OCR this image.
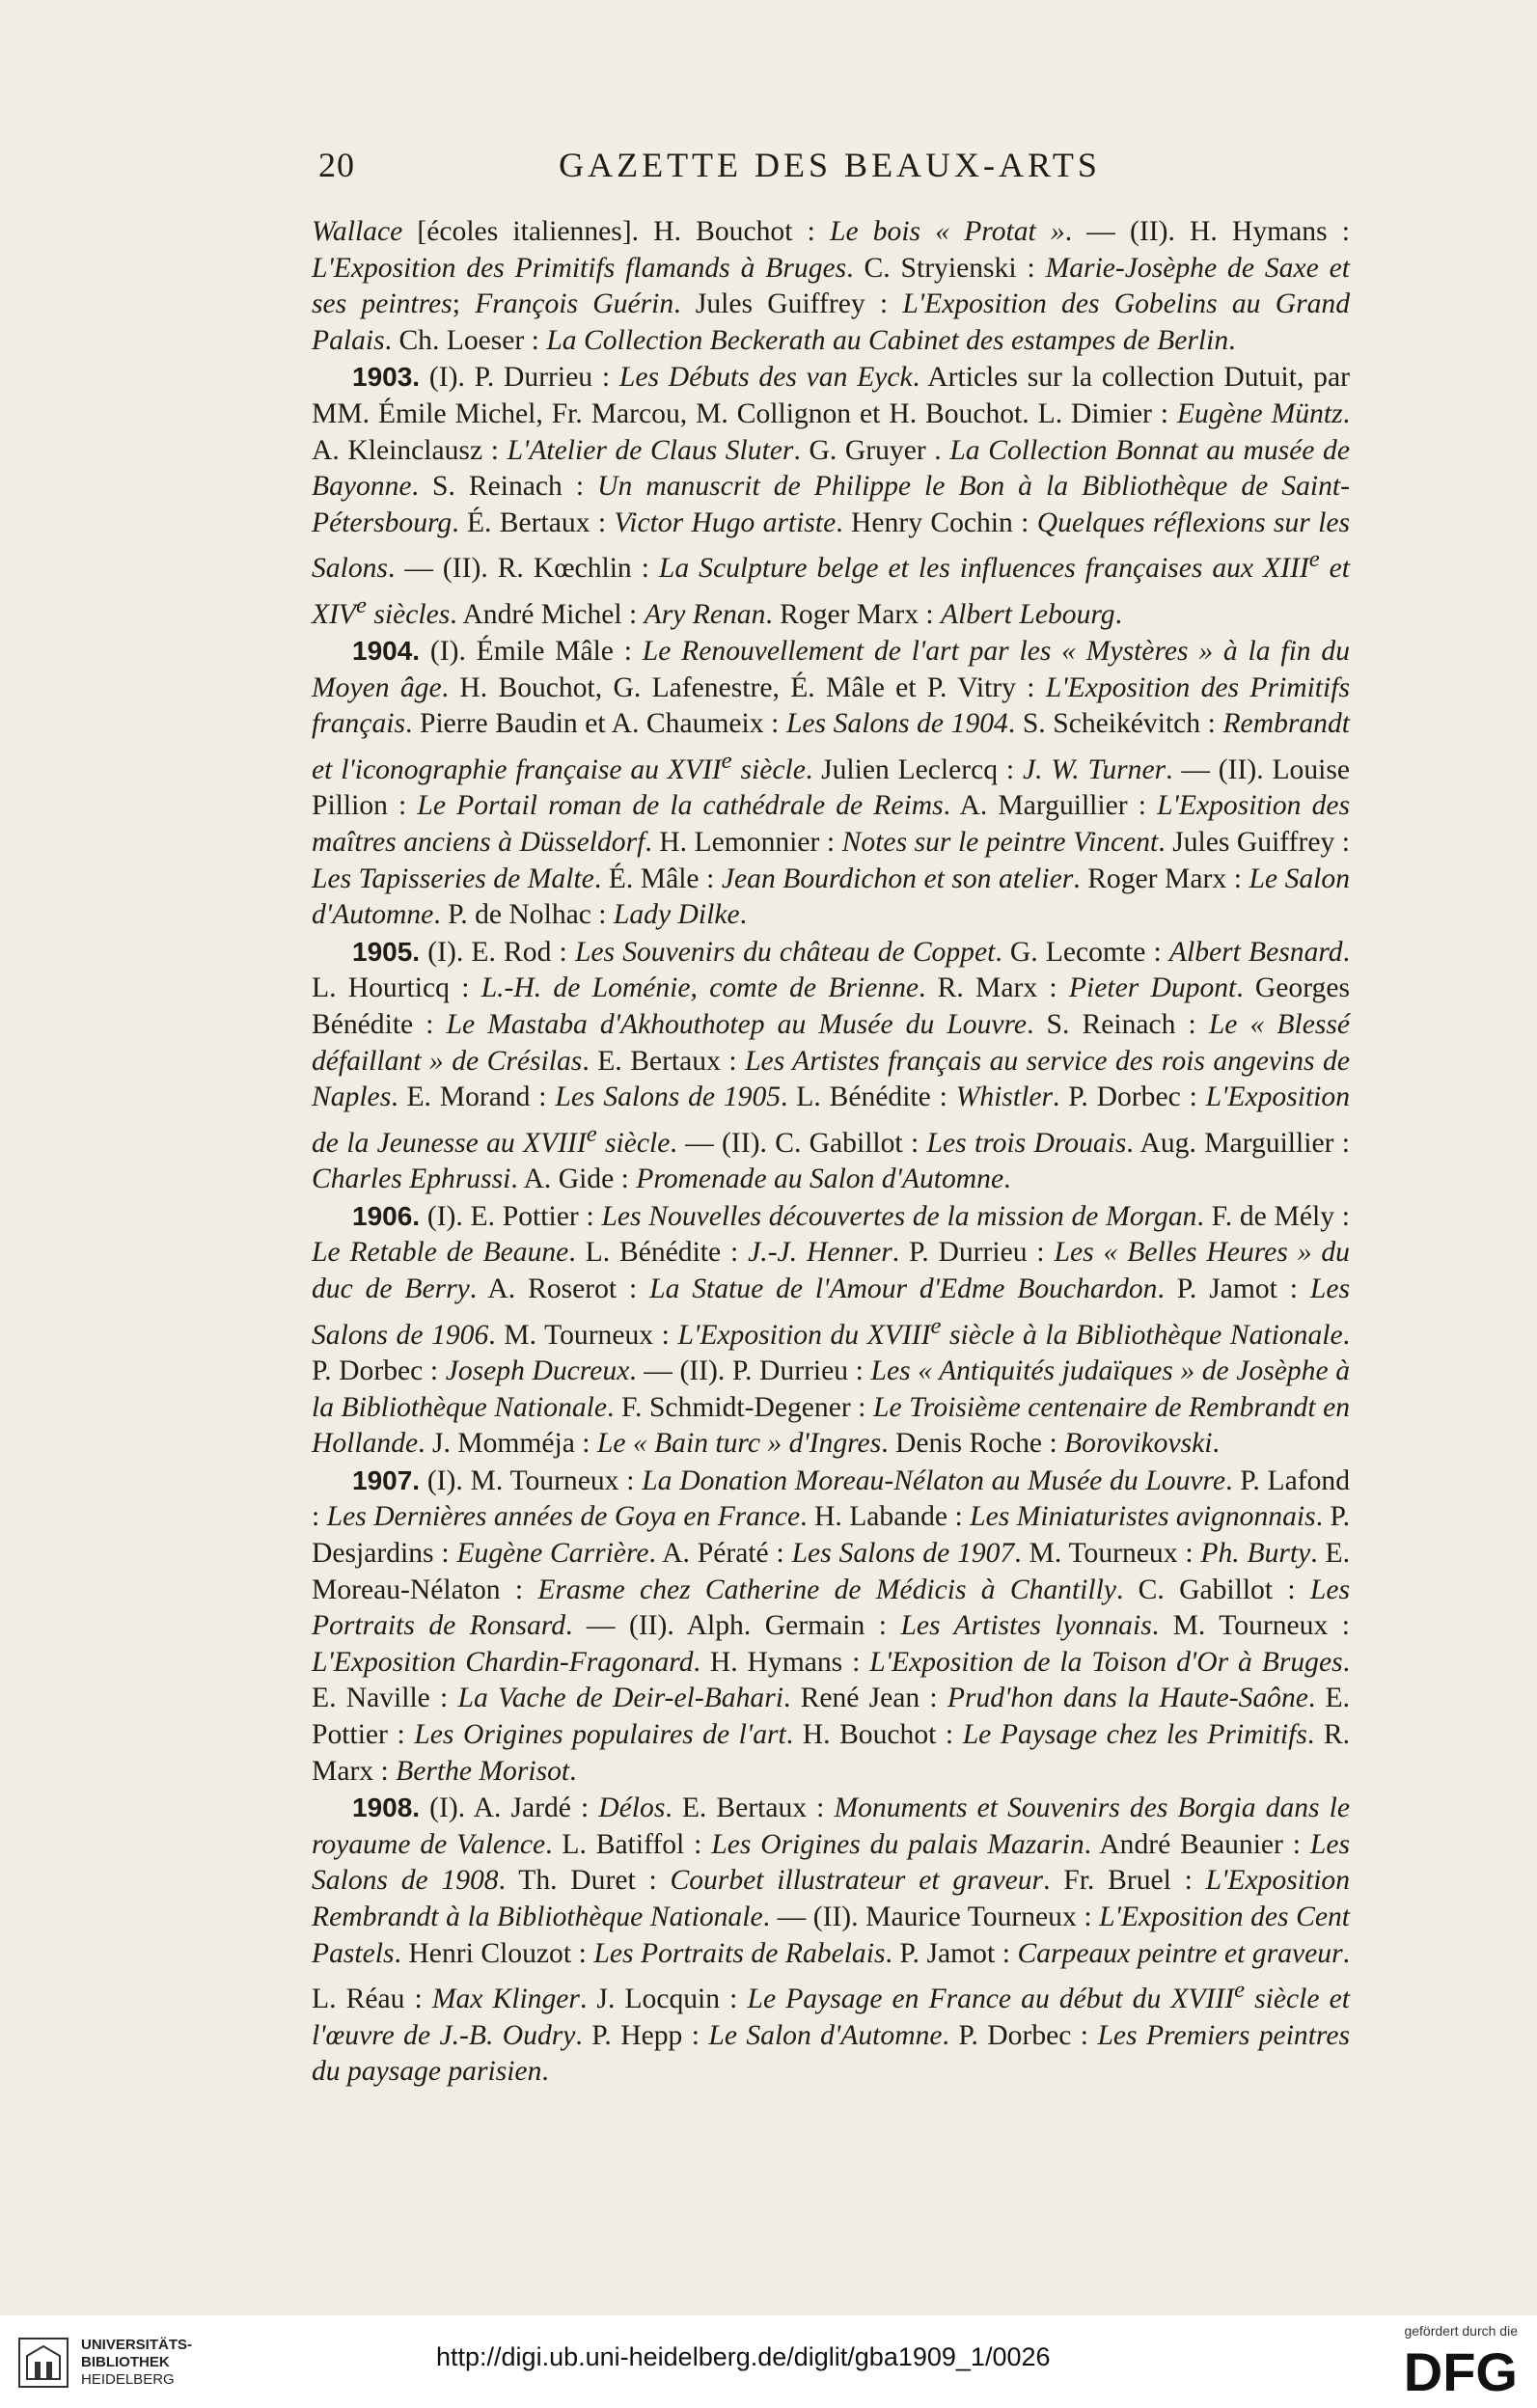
20	GAZETTE DES BEAUX-ARTS

Wallace [écoles italiennes]. H. Bouchot : Le bois « Protat ». — (II). H. Hymans : L'Exposition des Primitifs flamands à Bruges. C. Stryienski : Marie-Josèphe de Saxe et ses peintres; François Guérin. Jules Guiffrey : L'Exposition des Gobelins au Grand Palais. Ch. Loeser : La Collection Beckerath au Cabinet des estampes de Berlin.

1903. (I). P. Durrieu : Les Débuts des van Eyck. Articles sur la collection Dutuit, par MM. Émile Michel, Fr. Marcou, M. Collignon et H. Bouchot. L. Dimier : Eugène Müntz. A. Kleinclausz : L'Atelier de Claus Sluter. G. Gruyer . La Collection Bonnat au musée de Bayonne. S. Reinach : Un manuscrit de Philippe le Bon à la Bibliothèque de Saint-Pétersbourg. É. Bertaux : Victor Hugo artiste. Henry Cochin : Quelques réflexions sur les Salons. — (II). R. Kœchlin : La Sculpture belge et les influences françaises aux XIIIe et XIVe siècles. André Michel : Ary Renan. Roger Marx : Albert Lebourg.

1904. (I). Émile Mâle : Le Renouvellement de l'art par les « Mystères » à la fin du Moyen âge. H. Bouchot, G. Lafenestre, É. Mâle et P. Vitry : L'Exposition des Primitifs français. Pierre Baudin et A. Chaumeix : Les Salons de 1904. S. Scheikévitch : Rembrandt et l'iconographie française au XVIIe siècle. Julien Leclercq : J. W. Turner. — (II). Louise Pillion : Le Portail roman de la cathédrale de Reims. A. Marguillier : L'Exposition des maîtres anciens à Düsseldorf. H. Lemonnier : Notes sur le peintre Vincent. Jules Guiffrey : Les Tapisseries de Malte. É. Mâle : Jean Bourdichon et son atelier. Roger Marx : Le Salon d'Automne. P. de Nolhac : Lady Dilke.

1905. (I). E. Rod : Les Souvenirs du château de Coppet. G. Lecomte : Albert Besnard. L. Hourticq : L.-H. de Loménie, comte de Brienne. R. Marx : Pieter Dupont. Georges Bénédite : Le Mastaba d'Akhouthotep au Musée du Louvre. S. Reinach : Le « Blessé défaillant » de Crésilas. E. Bertaux : Les Artistes français au service des rois angevins de Naples. E. Morand : Les Salons de 1905. L. Bénédite : Whistler. P. Dorbec : L'Exposition de la Jeunesse au XVIIIe siècle. — (II). C. Gabillot : Les trois Drouais. Aug. Marguillier : Charles Ephrussi. A. Gide : Promenade au Salon d'Automne.

1906. (I). E. Pottier : Les Nouvelles découvertes de la mission de Morgan. F. de Mély : Le Retable de Beaune. L. Bénédite : J.-J. Henner. P. Durrieu : Les « Belles Heures » du duc de Berry. A. Roserot : La Statue de l'Amour d'Edme Bouchardon. P. Jamot : Les Salons de 1906. M. Tourneux : L'Exposition du XVIIIe siècle à la Bibliothèque Nationale. P. Dorbec : Joseph Ducreux. — (II). P. Durrieu : Les « Antiquités judaïques » de Josèphe à la Bibliothèque Nationale. F. Schmidt-Degener : Le Troisième centenaire de Rembrandt en Hollande. J. Momméja : Le « Bain turc » d'Ingres. Denis Roche : Borovikovski.

1907. (I). M. Tourneux : La Donation Moreau-Nélaton au Musée du Louvre. P. Lafond : Les Dernières années de Goya en France. H. Labande : Les Miniaturistes avignonnais. P. Desjardins : Eugène Carrière. A. Pératé : Les Salons de 1907. M. Tourneux : Ph. Burty. E. Moreau-Nélaton : Erasme chez Catherine de Médicis à Chantilly. C. Gabillot : Les Portraits de Ronsard. — (II). Alph. Germain : Les Artistes lyonnais. M. Tourneux : L'Exposition Chardin-Fragonard. H. Hymans : L'Exposition de la Toison d'Or à Bruges. E. Naville : La Vache de Deir-el-Bahari. René Jean : Prud'hon dans la Haute-Saône. E. Pottier : Les Origines populaires de l'art. H. Bouchot : Le Paysage chez les Primitifs. R. Marx : Berthe Morisot.

1908. (I). A. Jardé : Délos. E. Bertaux : Monuments et Souvenirs des Borgia dans le royaume de Valence. L. Batiffol : Les Origines du palais Mazarin. André Beaunier : Les Salons de 1908. Th. Duret : Courbet illustrateur et graveur. Fr. Bruel : L'Exposition Rembrandt à la Bibliothèque Nationale. — (II). Maurice Tourneux : L'Exposition des Cent Pastels. Henri Clouzot : Les Portraits de Rabelais. P. Jamot : Carpeaux peintre et graveur. L. Réau : Max Klinger. J. Locquin : Le Paysage en France au début du XVIIIe siècle et l'œuvre de J.-B. Oudry. P. Hepp : Le Salon d'Automne. P. Dorbec : Les Premiers peintres du paysage parisien.

UNIVERSITÄTS-
BIBLIOTHEK
HEIDELBERG
http://digi.ub.uni-heidelberg.de/diglit/gba1909_1/0026
gefördert durch die
DFG
